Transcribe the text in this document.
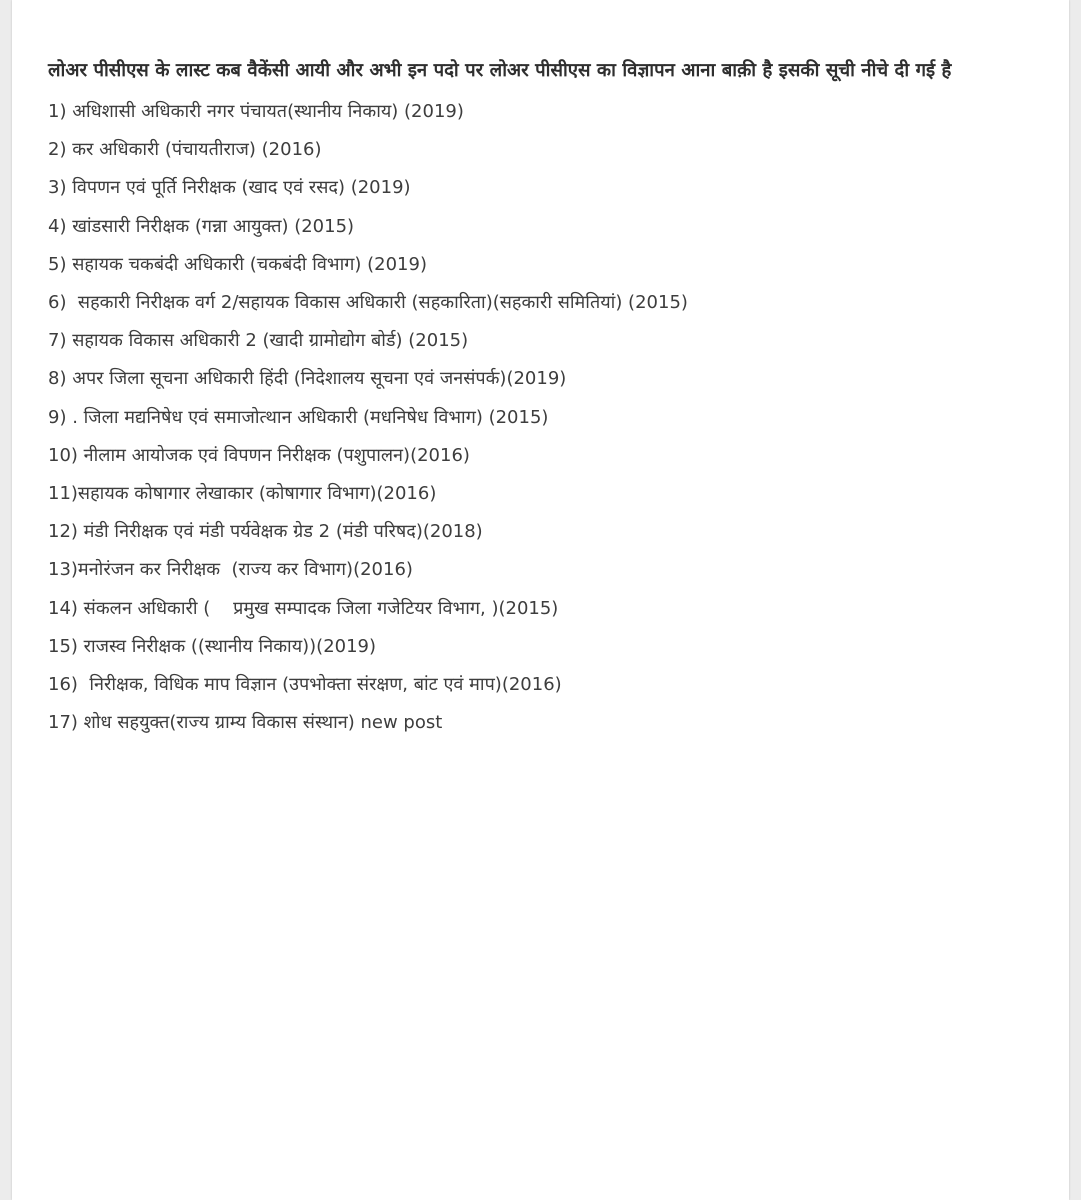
लोअर पीसीएस के लास्ट कब वैकेंसी आयी और अभी इन पदो पर लोअर पीसीएस का विज्ञापन आना बाक़ी है इसकी सूची नीचे दी गई है

1) अधिशासी अधिकारी नगर पंचायत(स्थानीय निकाय) (2019)
2) कर अधिकारी (पंचायतीराज) (2016)
3) विपणन एवं पूर्ति निरीक्षक (खाद एवं रसद) (2019)
4) खांडसारी निरीक्षक (गन्ना आयुक्त) (2015)
5) सहायक चकबंदी अधिकारी (चकबंदी विभाग) (2019)
6)  सहकारी निरीक्षक वर्ग 2/सहायक विकास अधिकारी (सहकारिता)(सहकारी समितियां) (2015)
7) सहायक विकास अधिकारी 2 (खादी ग्रामोद्योग बोर्ड) (2015)
8) अपर जिला सूचना अधिकारी हिंदी (निदेशालय सूचना एवं जनसंपर्क)(2019)
9) . जिला मद्यनिषेध एवं समाजोत्थान अधिकारी (मधनिषेध विभाग) (2015)
10) नीलाम आयोजक एवं विपणन निरीक्षक (पशुपालन)(2016)
11)सहायक कोषागार लेखाकार (कोषागार विभाग)(2016)
12) मंडी निरीक्षक एवं मंडी पर्यवेक्षक ग्रेड 2 (मंडी परिषद)(2018)
13)मनोरंजन कर निरीक्षक  (राज्य कर विभाग)(2016)
14) संकलन अधिकारी (    प्रमुख सम्पादक जिला गजेटियर विभाग, )(2015)
15) राजस्व निरीक्षक ((स्थानीय निकाय))(2019)
16)  निरीक्षक, विधिक माप विज्ञान (उपभोक्ता संरक्षण, बांट एवं माप)(2016)
17) शोध सहयुक्त(राज्य ग्राम्य विकास संस्थान) new post
